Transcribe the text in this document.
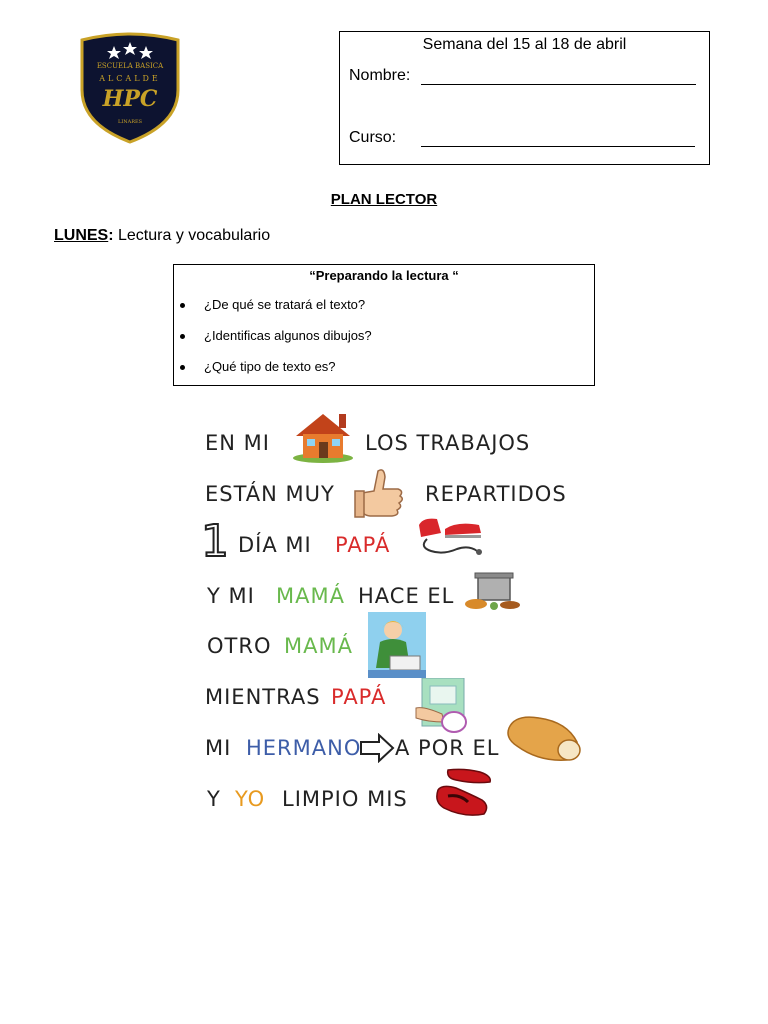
ESCUELA BASICA
ALCALDE
HPC
LINARES
Semana del 15 al 18 de abril
Nombre:
Curso:
PLAN LECTOR
LUNES: Lectura y vocabulario
“Preparando la lectura “
¿De qué se tratará el texto?
¿Identificas algunos dibujos?
¿Qué tipo de texto es?
EN MI	LOS TRABAJOS
ESTÁN MUY	REPARTIDOS
1 DÍA MI PAPÁ
Y MI MAMÁ HACE EL
OTRO MAMÁ
MIENTRAS PAPÁ
MI HERMANO A POR EL
Y YO LIMPIO MIS
